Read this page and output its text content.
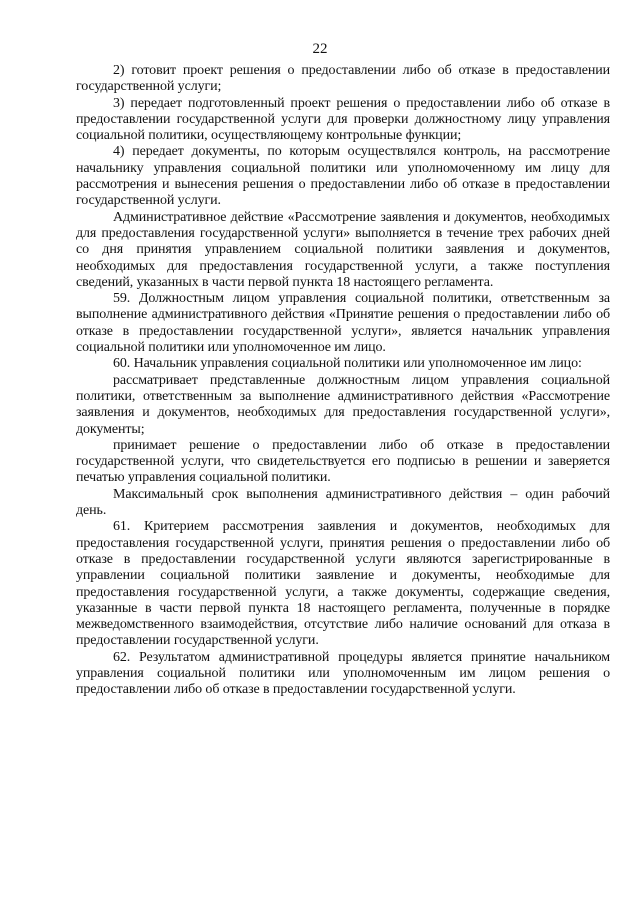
22

2) готовит проект решения о предоставлении либо об отказе в предоставлении государственной услуги;

3) передает подготовленный проект решения о предоставлении либо об отказе в предоставлении государственной услуги для проверки должностному лицу управления социальной политики, осуществляющему контрольные функции;

4) передает документы, по которым осуществлялся контроль, на рассмотрение начальнику управления социальной политики или уполномоченному им лицу для рассмотрения и вынесения решения о предоставлении либо об отказе в предоставлении государственной услуги.

Административное действие «Рассмотрение заявления и документов, необходимых для предоставления государственной услуги» выполняется в течение трех рабочих дней со дня принятия управлением социальной политики заявления и документов, необходимых для предоставления государственной услуги, а также поступления сведений, указанных в части первой пункта 18 настоящего регламента.

59. Должностным лицом управления социальной политики, ответственным за выполнение административного действия «Принятие решения о предоставлении либо об отказе в предоставлении государственной услуги», является начальник управления социальной политики или уполномоченное им лицо.

60. Начальник управления социальной политики или уполномоченное им лицо:

рассматривает представленные должностным лицом управления социальной политики, ответственным за выполнение административного действия «Рассмотрение заявления и документов, необходимых для предоставления государственной услуги», документы;

принимает решение о предоставлении либо об отказе в предоставлении государственной услуги, что свидетельствуется его подписью в решении и заверяется печатью управления социальной политики.

Максимальный срок выполнения административного действия – один рабочий день.

61. Критерием рассмотрения заявления и документов, необходимых для предоставления государственной услуги, принятия решения о предоставлении либо об отказе в предоставлении государственной услуги являются зарегистрированные в управлении социальной политики заявление и документы, необходимые для предоставления государственной услуги, а также документы, содержащие сведения, указанные в части первой пункта 18 настоящего регламента, полученные в порядке межведомственного взаимодействия, отсутствие либо наличие оснований для отказа в предоставлении государственной услуги.

62. Результатом административной процедуры является принятие начальником управления социальной политики или уполномоченным им лицом решения о предоставлении либо об отказе в предоставлении государственной услуги.
